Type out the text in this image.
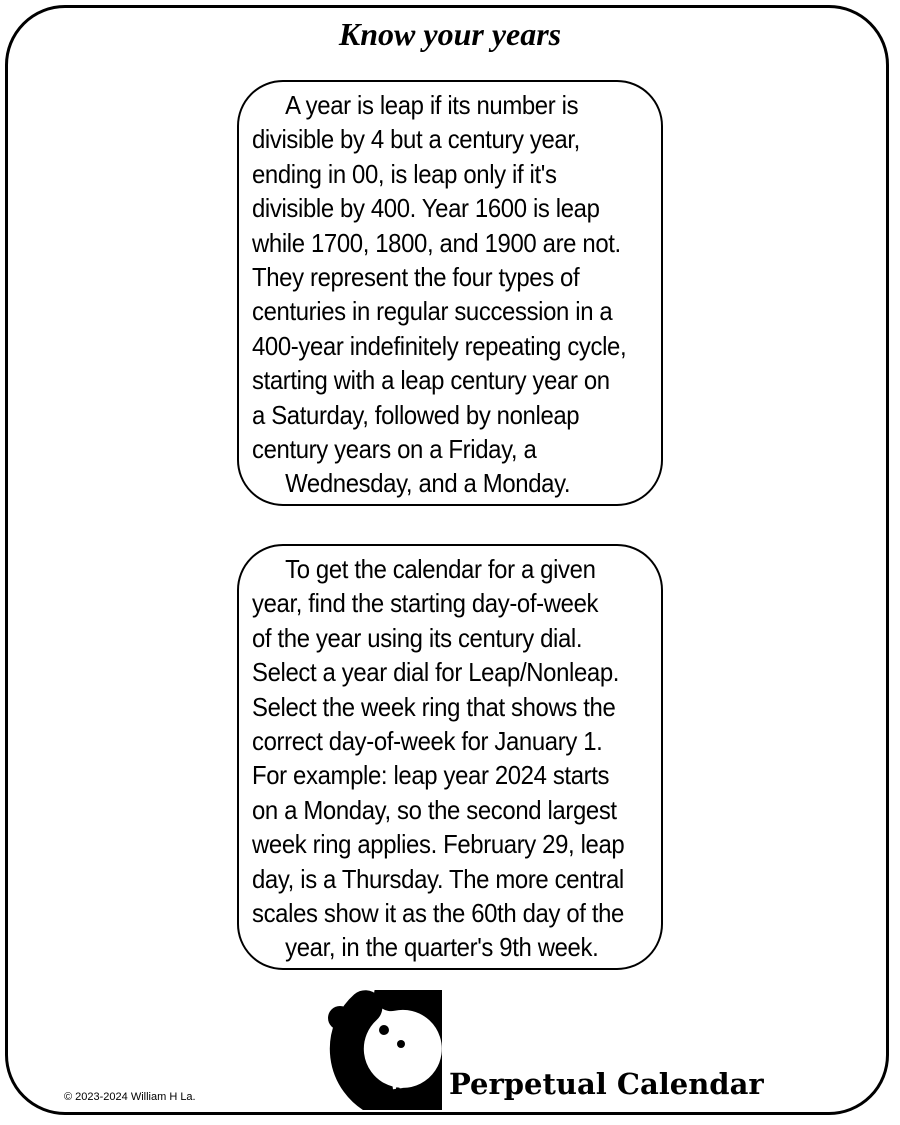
Know your years

A year is leap if its number is
divisible by 4 but a century year,
ending in 00, is leap only if it's
divisible by 400. Year 1600 is leap
while 1700, 1800, and 1900 are not.
They represent the four types of
centuries in regular succession in a
400-year indefinitely repeating cycle,
starting with a leap century year on
a Saturday, followed by nonleap
century years on a Friday, a
Wednesday, and a Monday.

To get the calendar for a given
year, find the starting day-of-week
of the year using its century dial.
Select a year dial for Leap/Nonleap.
Select the week ring that shows the
correct day-of-week for January 1.
For example: leap year 2024 starts
on a Monday, so the second largest
week ring applies. February 29, leap
day, is a Thursday. The more central
scales show it as the 60th day of the
year, in the quarter's 9th week.

SPIRIFORM	Perpetual Calendar
© 2023-2024 William H La.
